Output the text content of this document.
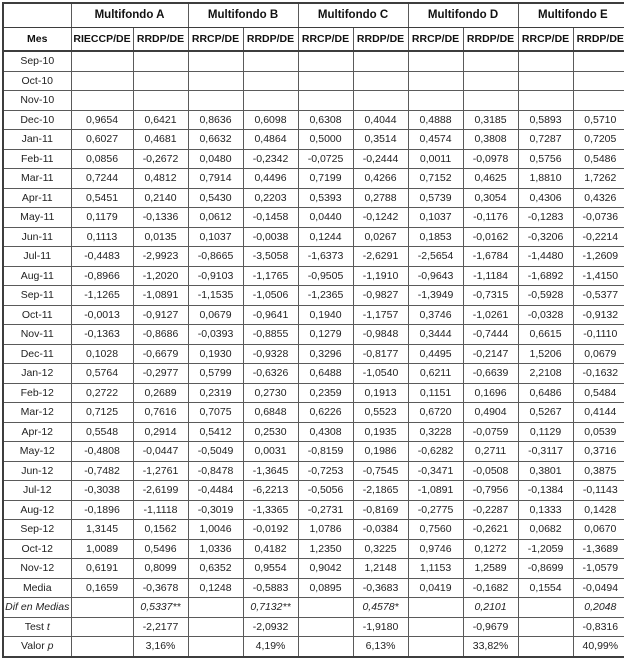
	Multifondo A		Multifondo B		Multifondo C		Multifondo D		Multifondo E	
Mes	RIECCP/DE	RRDP/DE	RRCP/DE	RRDP/DE	RRCP/DE	RRDP/DE	RRCP/DE	RRDP/DE	RRCP/DE	RRDP/DE
Sep-10										
Oct-10										
Nov-10										
Dec-10	0,9654	0,6421	0,8636	0,6098	0,6308	0,4044	0,4888	0,3185	0,5893	0,5710
Jan-11	0,6027	0,4681	0,6632	0,4864	0,5000	0,3514	0,4574	0,3808	0,7287	0,7205
Feb-11	0,0856	-0,2672	0,0480	-0,2342	-0,0725	-0,2444	0,0011	-0,0978	0,5756	0,5486
Mar-11	0,7244	0,4812	0,7914	0,4496	0,7199	0,4266	0,7152	0,4625	1,8810	1,7262
Apr-11	0,5451	0,2140	0,5430	0,2203	0,5393	0,2788	0,5739	0,3054	0,4306	0,4326
May-11	0,1179	-0,1336	0,0612	-0,1458	0,0440	-0,1242	0,1037	-0,1176	-0,1283	-0,0736
Jun-11	0,1113	0,0135	0,1037	-0,0038	0,1244	0,0267	0,1853	-0,0162	-0,3206	-0,2214
Jul-11	-0,4483	-2,9923	-0,8665	-3,5058	-1,6373	-2,6291	-2,5654	-1,6784	-1,4480	-1,2609
Aug-11	-0,8966	-1,2020	-0,9103	-1,1765	-0,9505	-1,1910	-0,9643	-1,1184	-1,6892	-1,4150
Sep-11	-1,1265	-1,0891	-1,1535	-1,0506	-1,2365	-0,9827	-1,3949	-0,7315	-0,5928	-0,5377
Oct-11	-0,0013	-0,9127	0,0679	-0,9641	0,1940	-1,1757	0,3746	-1,0261	-0,0328	-0,9132
Nov-11	-0,1363	-0,8686	-0,0393	-0,8855	0,1279	-0,9848	0,3444	-0,7444	0,6615	-0,1110
Dec-11	0,1028	-0,6679	0,1930	-0,9328	0,3296	-0,8177	0,4495	-0,2147	1,5206	0,0679
Jan-12	0,5764	-0,2977	0,5799	-0,6326	0,6488	-1,0540	0,6211	-0,6639	2,2108	-0,1632
Feb-12	0,2722	0,2689	0,2319	0,2730	0,2359	0,1913	0,1151	0,1696	0,6486	0,5484
Mar-12	0,7125	0,7616	0,7075	0,6848	0,6226	0,5523	0,6720	0,4904	0,5267	0,4144
Apr-12	0,5548	0,2914	0,5412	0,2530	0,4308	0,1935	0,3228	-0,0759	0,1129	0,0539
May-12	-0,4808	-0,0447	-0,5049	0,0031	-0,8159	0,1986	-0,6282	0,2711	-0,3117	0,3716
Jun-12	-0,7482	-1,2761	-0,8478	-1,3645	-0,7253	-0,7545	-0,3471	-0,0508	0,3801	0,3875
Jul-12	-0,3038	-2,6199	-0,4484	-6,2213	-0,5056	-2,1865	-1,0891	-0,7956	-0,1384	-0,1143
Aug-12	-0,1896	-1,1118	-0,3019	-1,3365	-0,2731	-0,8169	-0,2775	-0,2287	0,1333	0,1428
Sep-12	1,3145	0,1562	1,0046	-0,0192	1,0786	-0,0384	0,7560	-0,2621	0,0682	0,0670
Oct-12	1,0089	0,5496	1,0336	0,4182	1,2350	0,3225	0,9746	0,1272	-1,2059	-1,3689
Nov-12	0,6191	0,8099	0,6352	0,9554	0,9042	1,2148	1,1153	1,2589	-0,8699	-1,0579
Media	0,1659	-0,3678	0,1248	-0,5883	0,0895	-0,3683	0,0419	-0,1682	0,1554	-0,0494
Dif en Medias		0,5337**		0,7132**		0,4578*		0,2101		0,2048
Test t		-2,2177		-2,0932		-1,9180		-0,9679		-0,8316
Valor p		3,16%		4,19%		6,13%		33,82%		40,99%
